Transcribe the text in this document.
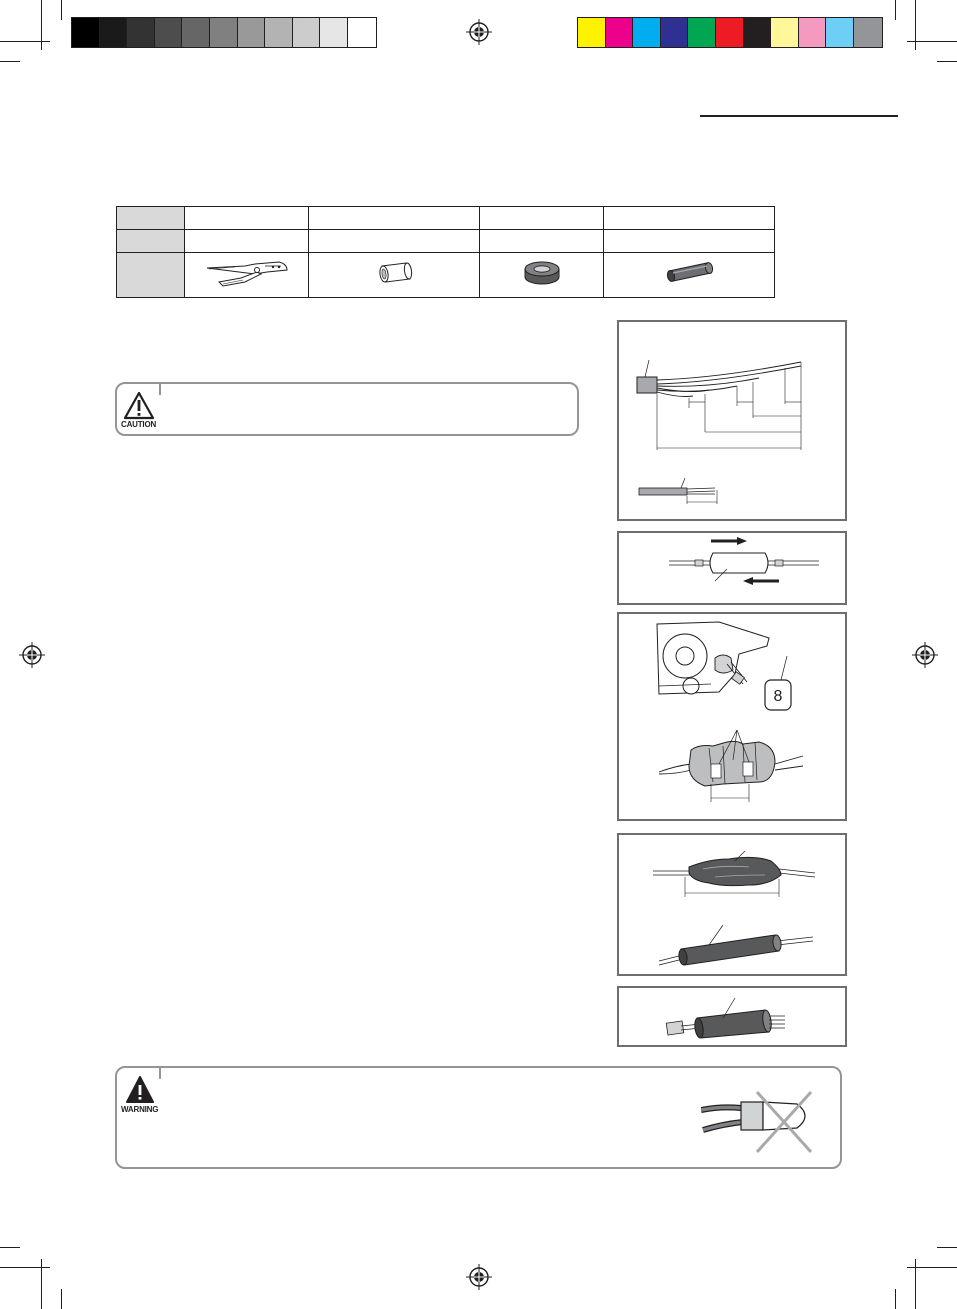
CAUTION
WARNING
8
